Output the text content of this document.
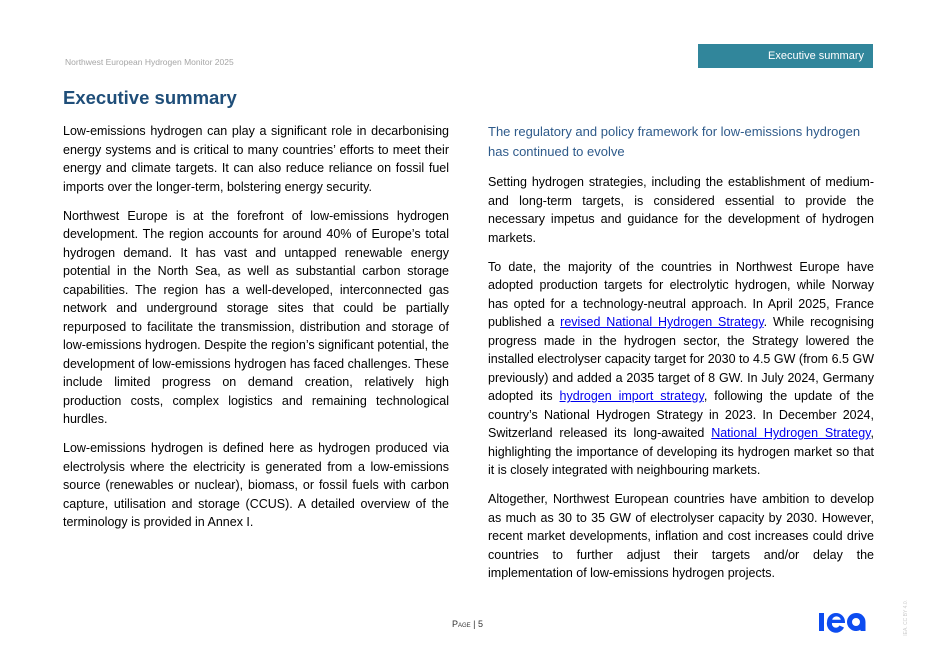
Northwest European Hydrogen Monitor 2025	Executive summary
Executive summary

Low-emissions hydrogen can play a significant role in decarbonising energy systems and is critical to many countries’ efforts to meet their energy and climate targets. It can also reduce reliance on fossil fuel imports over the longer-term, bolstering energy security.

Northwest Europe is at the forefront of low-emissions hydrogen development. The region accounts for around 40% of Europe’s total hydrogen demand. It has vast and untapped renewable energy potential in the North Sea, as well as substantial carbon storage capabilities. The region has a well-developed, interconnected gas network and underground storage sites that could be partially repurposed to facilitate the transmission, distribution and storage of low-emissions hydrogen. Despite the region’s significant potential, the development of low-emissions hydrogen has faced challenges. These include limited progress on demand creation, relatively high production costs, complex logistics and remaining technological hurdles.

Low-emissions hydrogen is defined here as hydrogen produced via electrolysis where the electricity is generated from a low-emissions source (renewables or nuclear), biomass, or fossil fuels with carbon capture, utilisation and storage (CCUS). A detailed overview of the terminology is provided in Annex I.

The regulatory and policy framework for low-emissions hydrogen has continued to evolve

Setting hydrogen strategies, including the establishment of medium- and long-term targets, is considered essential to provide the necessary impetus and guidance for the development of hydrogen markets.

To date, the majority of the countries in Northwest Europe have adopted production targets for electrolytic hydrogen, while Norway has opted for a technology-neutral approach. In April 2025, France published a revised National Hydrogen Strategy. While recognising progress made in the hydrogen sector, the Strategy lowered the installed electrolyser capacity target for 2030 to 4.5 GW (from 6.5 GW previously) and added a 2035 target of 8 GW. In July 2024, Germany adopted its hydrogen import strategy, following the update of the country’s National Hydrogen Strategy in 2023. In December 2024, Switzerland released its long-awaited National Hydrogen Strategy, highlighting the importance of developing its hydrogen market so that it is closely integrated with neighbouring markets.

Altogether, Northwest European countries have ambition to develop as much as 30 to 35 GW of electrolyser capacity by 2030. However, recent market developments, inflation and cost increases could drive countries to further adjust their targets and/or delay the implementation of low-emissions hydrogen projects.

Page | 5	IEA. CC BY 4.0.
